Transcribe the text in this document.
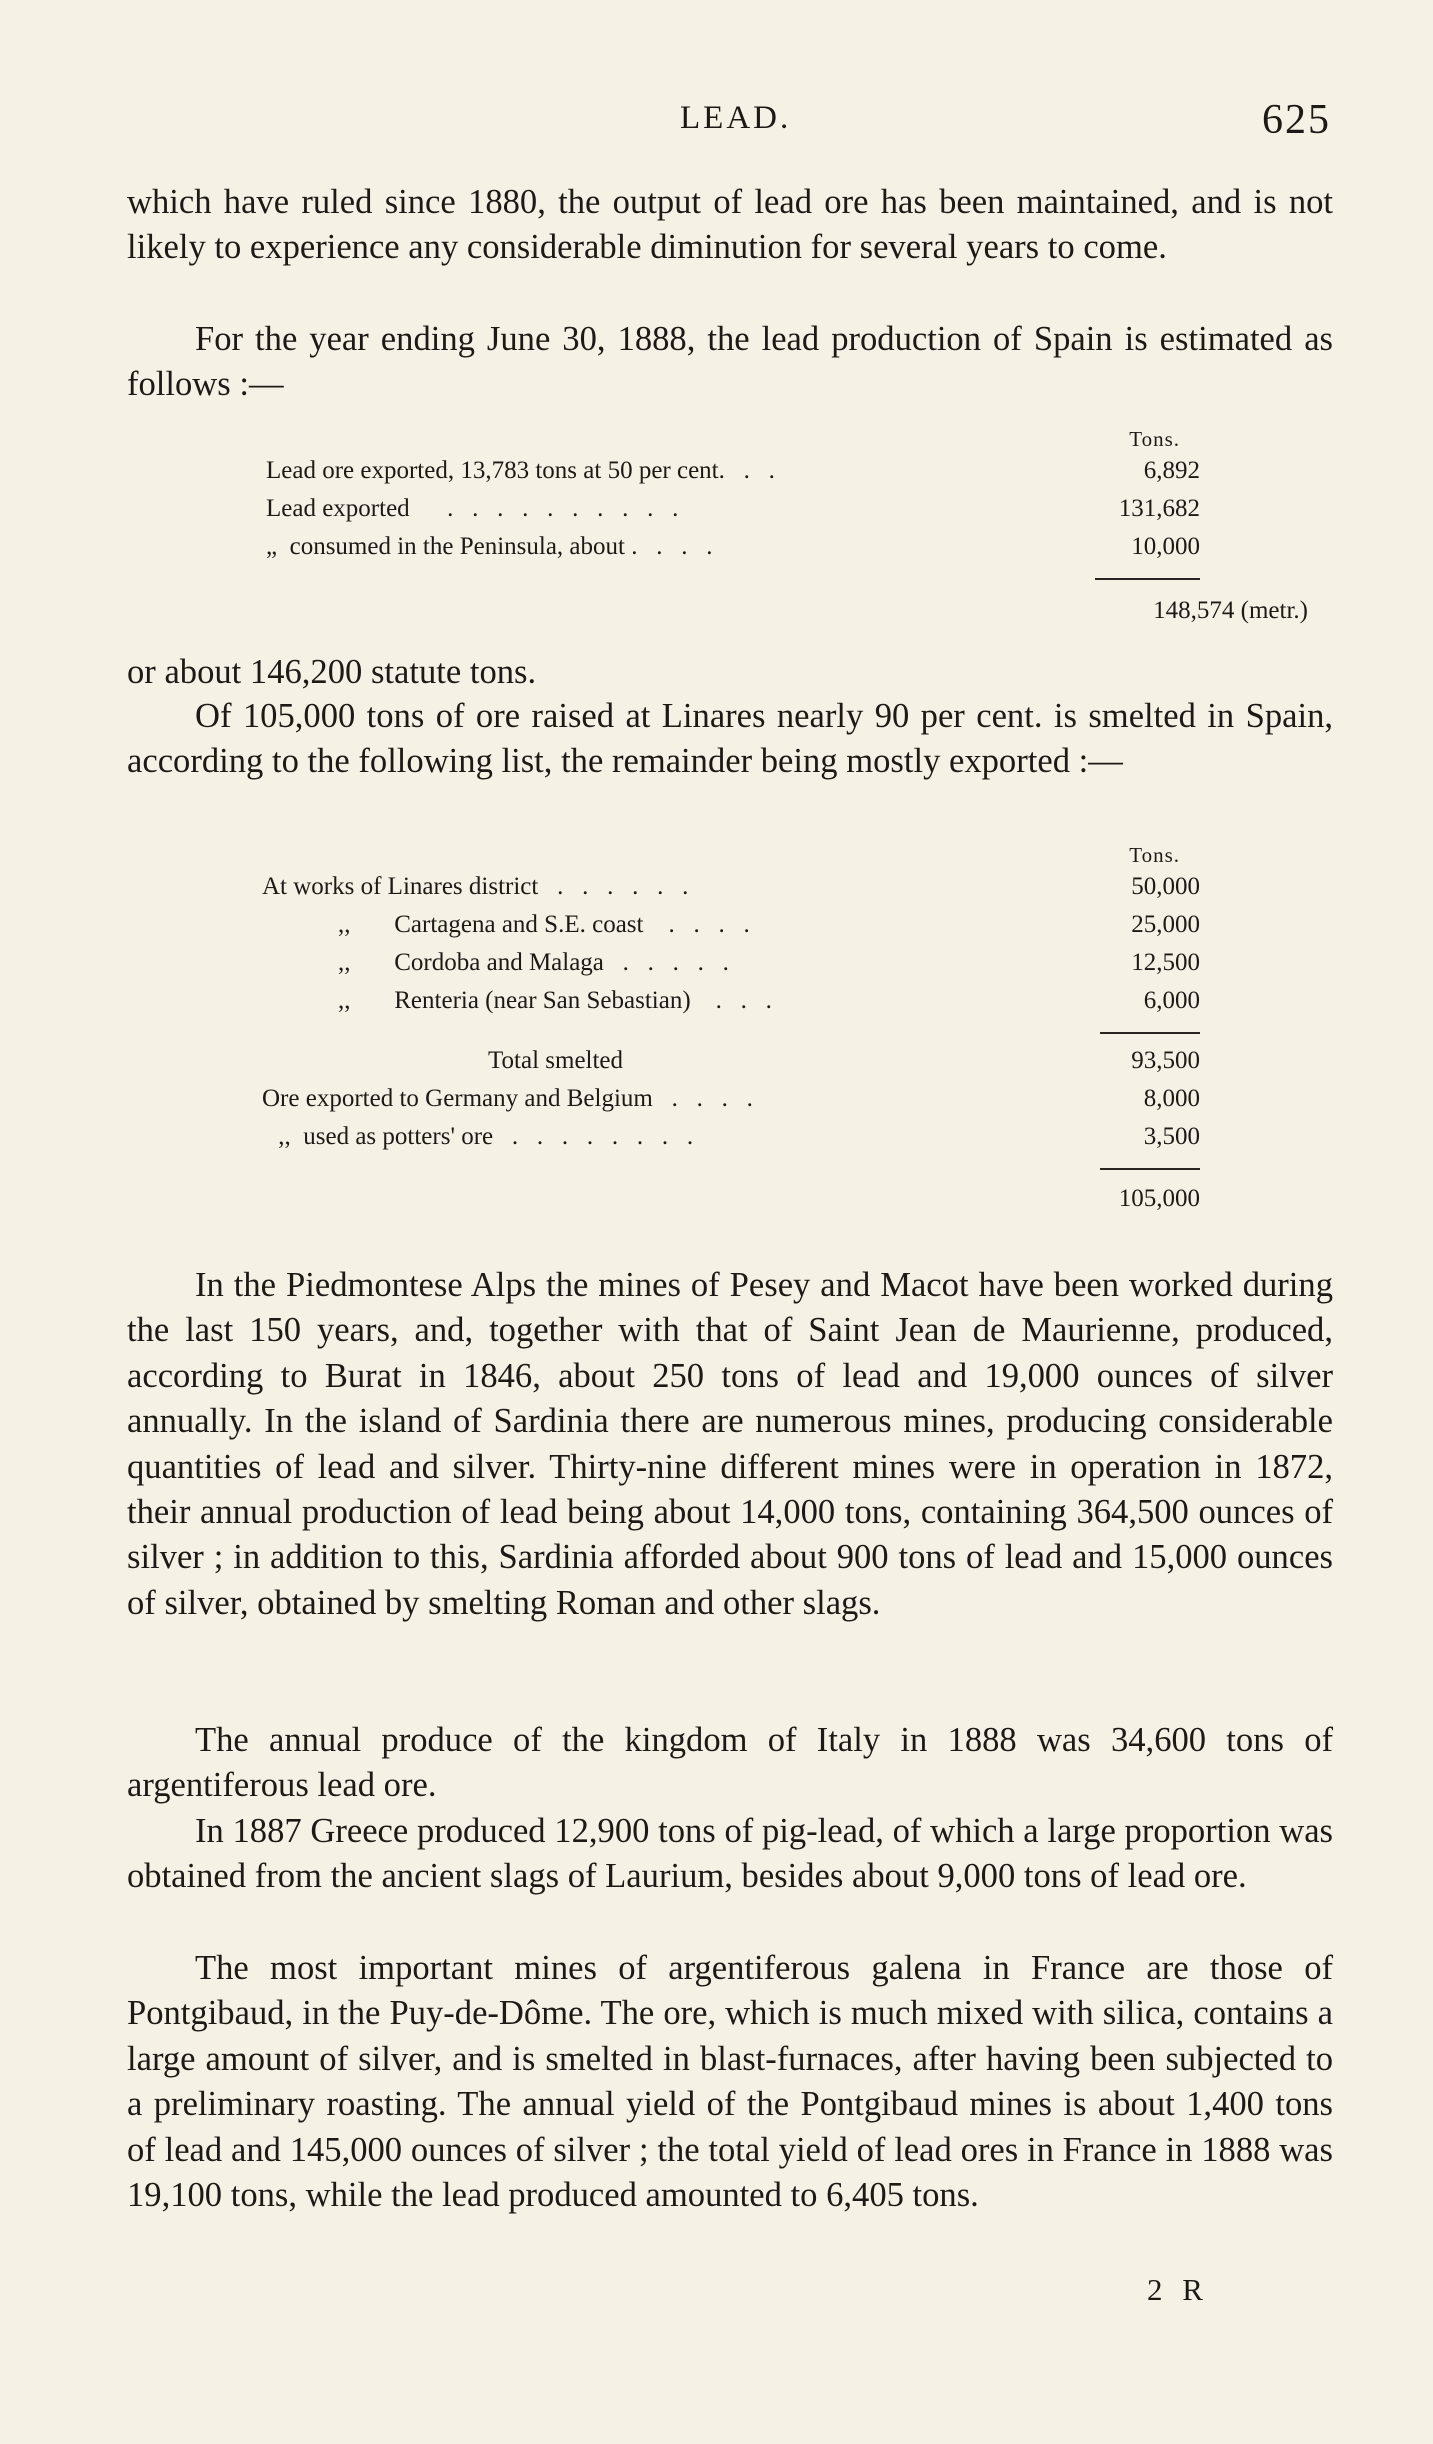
LEAD.	625

which have ruled since 1880, the output of lead ore has been maintained, and is not likely to experience any considerable diminution for several years to come.

For the year ending June 30, 1888, the lead production of Spain is estimated as follows :—

Tons.
Lead ore exported, 13,783 tons at 50 per cent.   .   .	6,892
Lead exported      .   .   .   .   .   .   .   .   .   .	131,682
„  consumed in the Peninsula, about .   .   .   .	10,000
148,574 (metr.)

or about 146,200 statute tons.

Of 105,000 tons of ore raised at Linares nearly 90 per cent. is smelted in Spain, according to the following list, the remainder being mostly exported :—

Tons.
At works of Linares district   .   .   .   .   .   .	50,000
,,       Cartagena and S.E. coast    .   .   .   .	25,000
,,       Cordoba and Malaga   .   .   .   .   .	12,500
,,       Renteria (near San Sebastian)    .   .   .	6,000
Total smelted	93,500
Ore exported to Germany and Belgium   .   .   .   .	8,000
,,  used as potters' ore   .   .   .   .   .   .   .   .	3,500
105,000

In the Piedmontese Alps the mines of Pesey and Macot have been worked during the last 150 years, and, together with that of Saint Jean de Maurienne, produced, according to Burat in 1846, about 250 tons of lead and 19,000 ounces of silver annually. In the island of Sardinia there are numerous mines, producing considerable quantities of lead and silver. Thirty-nine different mines were in operation in 1872, their annual production of lead being about 14,000 tons, containing 364,500 ounces of silver ; in addition to this, Sardinia afforded about 900 tons of lead and 15,000 ounces of silver, obtained by smelting Roman and other slags.

The annual produce of the kingdom of Italy in 1888 was 34,600 tons of argentiferous lead ore.

In 1887 Greece produced 12,900 tons of pig-lead, of which a large proportion was obtained from the ancient slags of Laurium, besides about 9,000 tons of lead ore.

The most important mines of argentiferous galena in France are those of Pontgibaud, in the Puy-de-Dôme. The ore, which is much mixed with silica, contains a large amount of silver, and is smelted in blast-furnaces, after having been subjected to a preliminary roasting. The annual yield of the Pontgibaud mines is about 1,400 tons of lead and 145,000 ounces of silver ; the total yield of lead ores in France in 1888 was 19,100 tons, while the lead produced amounted to 6,405 tons.

2 R
